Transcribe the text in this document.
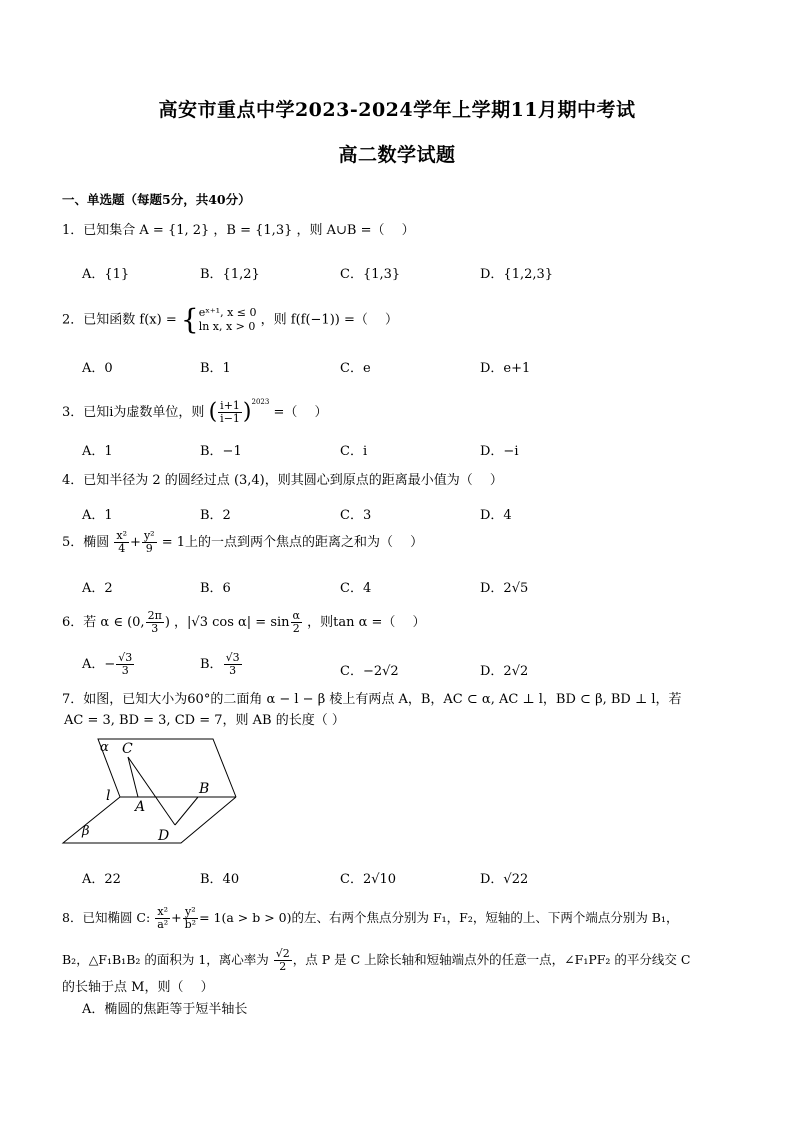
高安市重点中学2023-2024学年上学期11月期中考试
高二数学试题
一、单选题（每题5分，共40分）
1．已知集合 A = {1, 2} ，B = {1,3} ，则 A∪B =（　 ）
A．{1}	B．{1,2}	C．{1,3}	D．{1,2,3}
2．已知函数 f(x) = { eˣ⁺¹, x ≤ 0
ln x, x > 0 ，则 f(f(−1)) =（　 ）
A．0	B．1	C．e	D．e+1
3．已知i为虚数单位，则 ( $\frac{i+1}{i-1} )^{2023}$ =（　 ）
A．1	B．−1	C．i	D．−i
4．已知半径为 2 的圆经过点 (3,4)，则其圆心到原点的距离最小值为（　 ）
A．1	B．2	C．3	D．4
5．椭圆 $\frac{\text{x²}}{4} + \frac{\text{y²}}{9} = 1$上的一点到两个焦点的距离之和为（　 ）
A．2	B．6	C．4	D．2√5
6．若 α ∈ (0, $\frac{2\pi}{3}$ ) ，|√3 $\cos \alpha| = \sin \frac{\alpha}{2}$ ，则tan α =（　 ）
A．− $\frac{√3}{3}$	B． $\frac{√3}{3}$	C．−2√2	D．2√2
7．如图，已知大小为60°的二面角 α − l − β 棱上有两点 A，B，AC ⊂ α, AC ⊥ l，BD ⊂ β, BD ⊥ l，若
AC = 3, BD = 3, CD = 7，则 AB 的长度（ ）
α C
l
A
B
β	D
A．22	B．40	C．2√10	D．√22
8．已知椭圆 C: $\frac{\text{x²}}{\text{a²}} + \frac{\text{y²}}{\text{b²}} = 1(a > b > 0)$的左、右两个焦点分别为 F₁，F₂，短轴的上、下两个端点分别为 B₁，
B₂，△F₁B₁B₂ 的面积为 1，离心率为 $\frac{√2}{2}$ ，点 P 是 C 上除长轴和短轴端点外的任意一点，∠F₁PF₂ 的平分线交 C
的长轴于点 M，则（　 ）
A．椭圆的焦距等于短半轴长
